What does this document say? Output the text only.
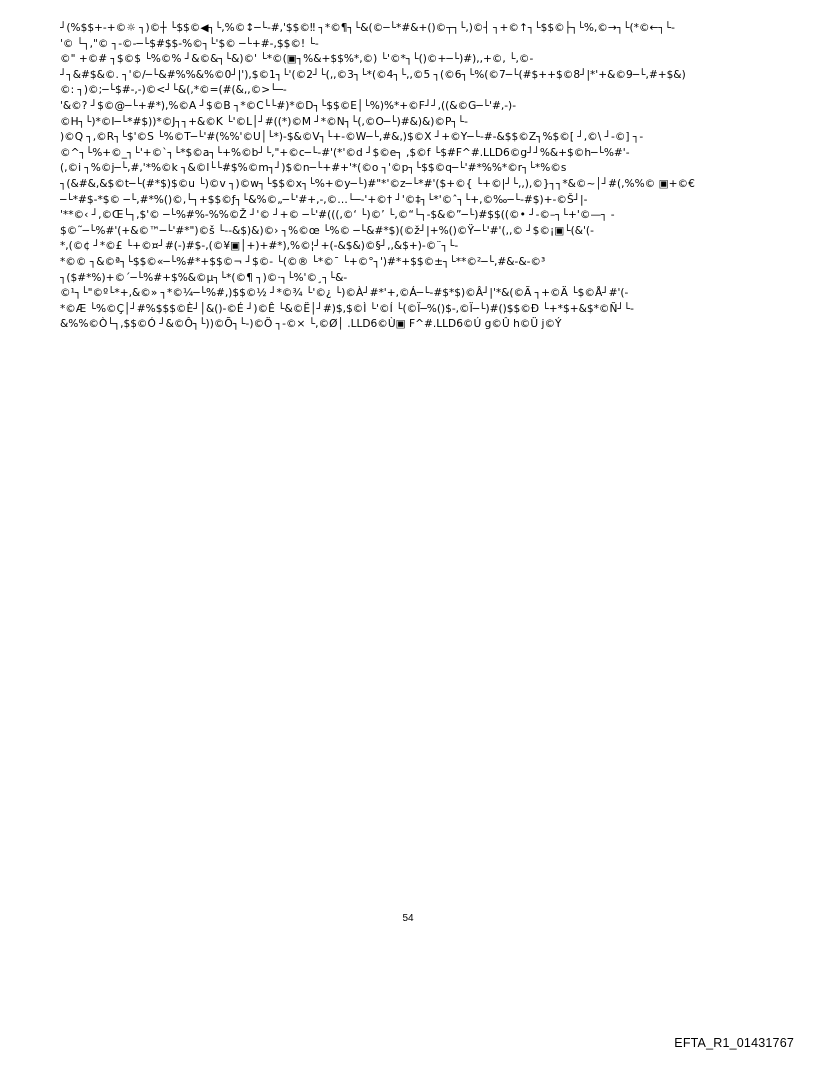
┘(%$$+-+©☼ ┐)©┼ └$$©◀┐└,%©↕─└-#,'$$©‼ ┐*©¶┐└&(©─└*#&+()©┬┐└,)©┤ ┐+©↑┐└$$©├┐└%,©→┐└(*©←┐└-
'© └┐,"© ┐-©-─└$#$$-%©┐└'$© ─└+#-,$$©! └-
©" +©# ┐$©$ └%©% ┘&©&┐└&)©' └*©(▣┐%&+$$%*,©) └'©*┐└()©+─└)#),,+©, └,©-
┘┐&#$&©. ┐'©/─└&#%%&%©0┘|'),$©1┐└'(©2┘└(,,©3┐└*(©4┐└,,©5 ┐(©6┐└%(©7─└(#$++$©8┘|*'+&©9─└,#+$&)
©: ┐)©;─└$#-,-)©<┘└&(,*©=(#(&,,©>└─-
'&©? ┘$©@─└+#*),%©A ┘$©B ┐*©C└└#)*©D┐└$$©E│└%)%*+©F┘┘,((&©G─└'#,-)-
©H┐└)*©I─└*#$))*©J┐┐+&©K └'©L│┘#((*)©M ┘*©N┐└(,©O─└)#&)&)©P┐└-
)©Q ┐,©R┐└$'©S └%©T─└'#(%%'©U│└*)-$&©V┐└+-©W─└,#&,)$©X ┘+©Y─└-#-&$$©Z┐%$©[ ┘,©\ ┘-©] ┐-
©^┐└%+©_┐└'+©`┐└*$©a┐└+%©b┘└,"+©c─└-#'(*'©d ┘$©e┐ ,$©f └$#F^#.LLD6©g┘┘%&+$©h─└%#'-
(,©i ┐%©j─└,#,'*%©k ┐&©l└└#$%©m┐┘)$©n─└+#+'*(©o ┐'©p┐└$$©q─└'#*%%*©r┐└*%©s
┐(&#&,&$©t─└(#*$)$©u └)©v ┐)©w┐└$$©x┐└%+©y─└)#"*'©z─└*#'($+©{ └+©|┘└,,),©}┐┐*&©~│┘#(,%%© ▣+©€
─└*#$-*$© ─└,#*%()©‚└┐+$$©ƒ┐└&%©„─└'#+,-,©…└─-'+©† ┘'©‡┐└*'©ˆ┐└+,©‰─└-#$)+-©Š┘|-
'**©‹ ┘,©Œ└┐,$'© ─└%#%-%%©Ž ┘'© ┘+© ─└'#(((,©‘ └)©’ └,©“└┐-$&©”─└)#$$((©• ┘-©–┐└+'©—┐ -
$©˜─└%#'(+&©™─└'#*")©š └--&$)&)©› ┐%©œ └%© ─└&#*$)(©ž┘|+%()©Ÿ─└'#'(,,© ┘$©¡▣└(&'(-
*,(©¢ ┘*©£ └+©¤┘#(-)#$-,(©¥▣│+)+#*),%©¦┘+(-&$&)©§┘,,&$+)-©¨┐└-
*©© ┐&©ª┐└$$©«─└%#*+$$©¬ ┘$©- └(©® └*©¯ └+©°┐')#*+$$©±┐└**©²─└,#&-&-©³
┐($#*%)+©´─└%#+$%&©µ┐└*(©¶ ┐)©·┐└%'©¸┐└&-
©¹┐└"©º└*+,&©» ┐*©¼─└%#,)$$©½ ┘*©¾ └'©¿ └)©À┘#*'+,©Á─└-#$*$)©Â┘|'*&(©Ã ┐+©Ä └$©Å┘#'(-
*©Æ └%©Ç│┘#%$$$©È┘│&()-©É ┘)©Ê └&©Ë│┘#)$,$©Ì └'©Í └(©Ï─%()$-,©Ï─└)#()$$©Ð └+*$+&$*©Ñ┘└-
&%%©Ò└┐,$$©Ó ┘&©Ô┐└))©Õ┐└-)©Ö ┐-©× └,©Ø│ .LLD6©Ù▣ F^#.LLD6©Ú g©Û h©Ü j©Ý
54
EFTA_R1_01431767
